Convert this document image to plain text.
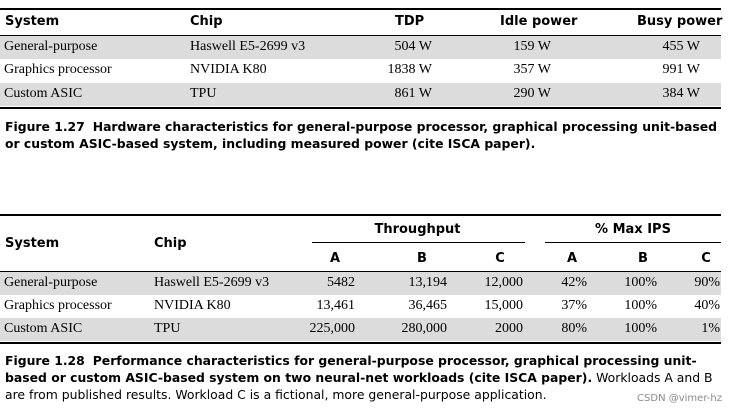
System	Chip	TDP	Idle power	Busy power
General-purpose	Haswell E5-2699 v3	504 W	159 W	455 W
Graphics processor	NVIDIA K80	1838 W	357 W	991 W
Custom ASIC	TPU	861 W	290 W	384 W
Figure 1.27 Hardware characteristics for general-purpose processor, graphical processing unit-based or custom ASIC-based system, including measured power (cite ISCA paper).
System	Chip
Throughput	% Max IPS
A	B	C	A	B	C
General-purpose	Haswell E5-2699 v3	5482	13,194	12,000	42%	100%	90%
Graphics processor	NVIDIA K80	13,461	36,465	15,000	37%	100%	40%
Custom ASIC	TPU	225,000	280,000	2000	80%	100%	1%
Figure 1.28 Performance characteristics for general-purpose processor, graphical processing unit-based or custom ASIC-based system on two neural-net workloads (cite ISCA paper). Workloads A and B are from published results. Workload C is a fictional, more general-purpose application.	CSDN @vimer-hz
